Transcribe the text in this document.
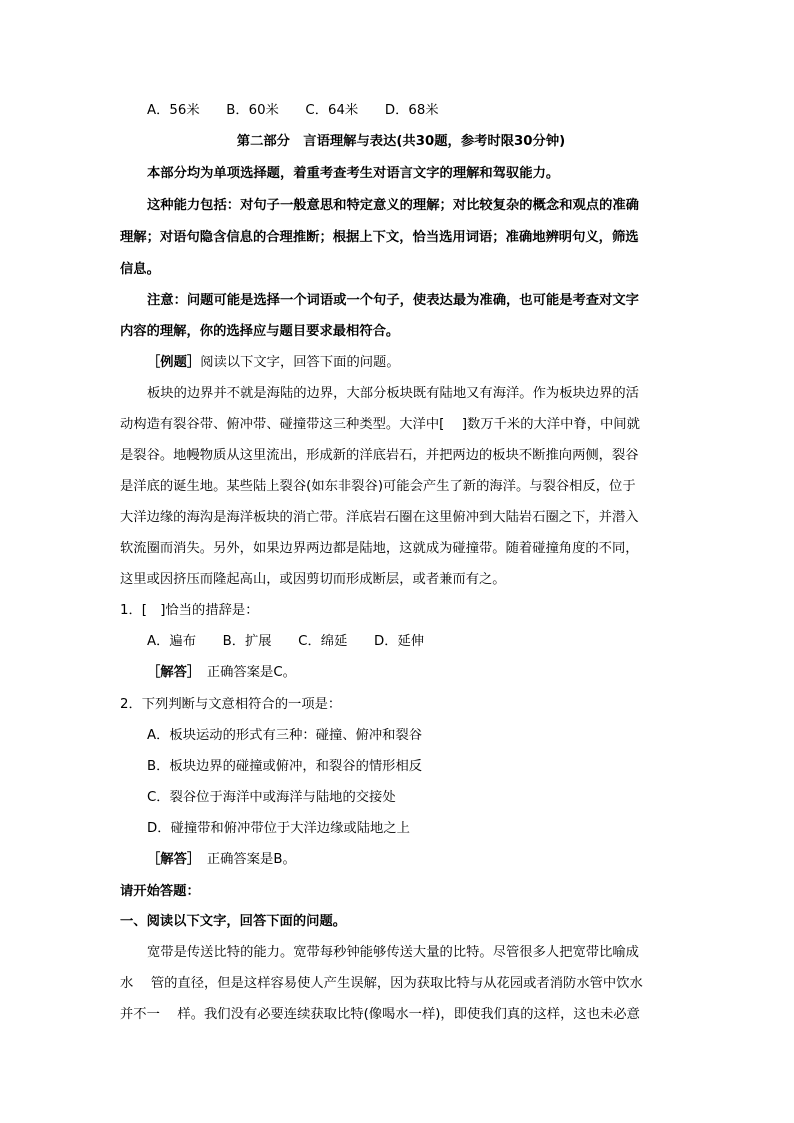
A．56米　　B．60米　　C．64米　　D．68米
第二部分　言语理解与表达(共30题，参考时限30分钟)
本部分均为单项选择题，着重考查考生对语言文字的理解和驾驭能力。
这种能力包括：对句子一般意思和特定意义的理解；对比较复杂的概念和观点的准确
理解；对语句隐含信息的合理推断；根据上下文，恰当选用词语；准确地辨明句义，筛选
信息。
注意：问题可能是选择一个词语或一个句子，使表达最为准确，也可能是考查对文字
内容的理解，你的选择应与题目要求最相符合。
［例题］阅读以下文字，回答下面的问题。
板块的边界并不就是海陆的边界，大部分板块既有陆地又有海洋。作为板块边界的活
动构造有裂谷带、俯冲带、碰撞带这三种类型。大洋中[　 ]数万千米的大洋中脊，中间就
是裂谷。地幔物质从这里流出，形成新的洋底岩石，并把两边的板块不断推向两侧，裂谷
是洋底的诞生地。某些陆上裂谷(如东非裂谷)可能会产生了新的海洋。与裂谷相反，位于
大洋边缘的海沟是海洋板块的消亡带。洋底岩石圈在这里俯冲到大陆岩石圈之下，并潜入
软流圈而消失。另外，如果边界两边都是陆地，这就成为碰撞带。随着碰撞角度的不同，
这里或因挤压而隆起高山，或因剪切而形成断层，或者兼而有之。
1．[　]恰当的措辞是：
A．遍布　　B．扩展　　C．绵延　　D．延伸
［解答］　 正确答案是C。
2．下列判断与文意相符合的一项是：
A．板块运动的形式有三种：碰撞、俯冲和裂谷
B．板块边界的碰撞或俯冲，和裂谷的情形相反
C．裂谷位于海洋中或海洋与陆地的交接处
D．碰撞带和俯冲带位于大洋边缘或陆地之上
［解答］　 正确答案是B。
请开始答题：
一、阅读以下文字，回答下面的问题。
宽带是传送比特的能力。宽带每秒钟能够传送大量的比特。尽管很多人把宽带比喻成
水　 管的直径，但是这样容易使人产生误解，因为获取比特与从花园或者消防水管中饮水
并不一　 样。我们没有必要连续获取比特(像喝水一样)，即使我们真的这样，这也未必意
